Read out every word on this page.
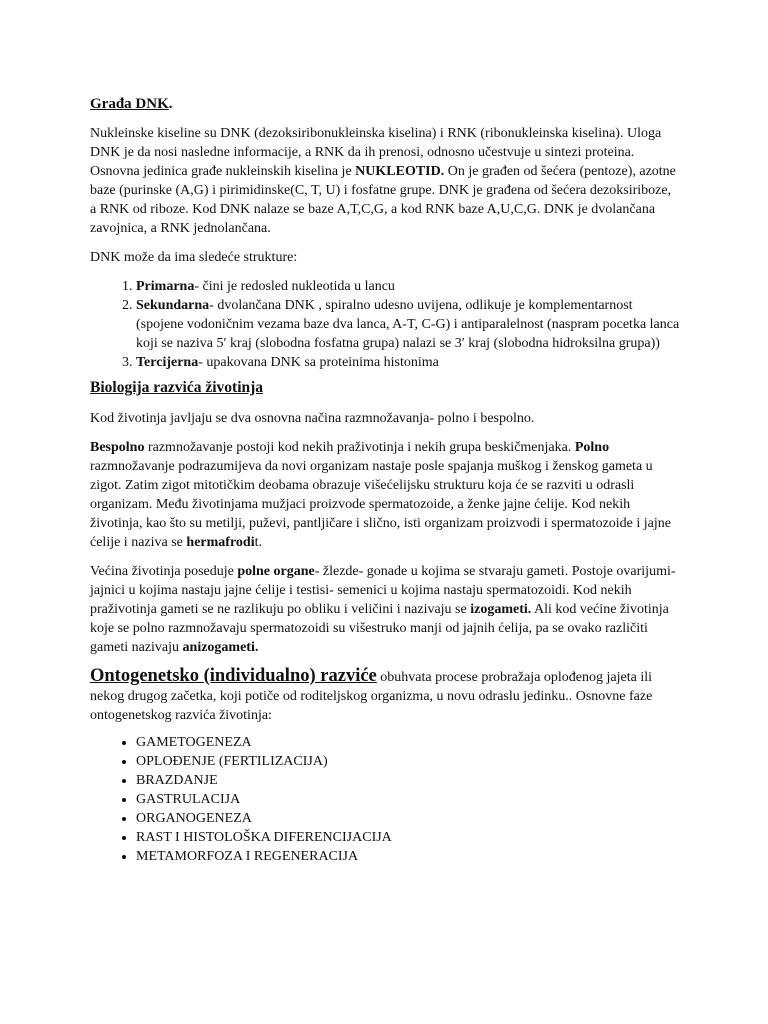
Građa DNK.

Nukleinske kiseline su DNK (dezoksiribonukleinska kiselina) i RNK (ribonukleinska kiselina). Uloga DNK je da nosi nasledne informacije, a RNK da ih prenosi, odnosno učestvuje u sintezi proteina. Osnovna jedinica građe nukleinskih kiselina je NUKLEOTID. On je građen od šećera (pentoze), azotne baze (purinske (A,G) i pirimidinske(C, T, U) i fosfatne grupe. DNK je građena od šećera dezoksiriboze, a RNK od riboze. Kod DNK nalaze se baze A,T,C,G, a kod RNK baze A,U,C,G. DNK je dvolančana zavojnica, a RNK jednolančana.

DNK može da ima sledeće strukture:

1. Primarna- čini je redosled nukleotida u lancu
2. Sekundarna- dvolančana DNK , spiralno udesno uvijena, odlikuje je komplementarnost (spojene vodoničnim vezama baze dva lanca, A-T, C-G) i antiparalelnost (naspram pocetka lanca koji se naziva 5′ kraj (slobodna fosfatna grupa) nalazi se 3′ kraj (slobodna hidroksilna grupa))
3. Tercijerna- upakovana DNK sa proteinima histonima
Biologija razvića životinja

Kod životinja javljaju se dva osnovna načina razmnožavanja- polno i bespolno.

Bespolno razmnožavanje postoji kod nekih praživotinja i nekih grupa beskičmenjaka. Polno razmnožavanje podrazumijeva da novi organizam nastaje posle spajanja muškog i ženskog gameta u zigot. Zatim zigot mitotičkim deobama obrazuje višećelijsku strukturu koja će se razviti u odrasli organizam. Među životinjama mužjaci proizvode spermatozoide, a ženke jajne ćelije. Kod nekih životinja, kao što su metilji, puževi, pantljičare i slično, isti organizam proizvodi i spermatozoide i jajne ćelije i naziva se hermafrodit.

Većina životinja poseduje polne organe- žlezde- gonade u kojima se stvaraju gameti. Postoje ovarijumi- jajnici u kojima nastaju jajne ćelije i testisi- semenici u kojima nastaju spermatozoidi. Kod nekih praživotinja gameti se ne razlikuju po obliku i veličini i nazivaju se izogameti. Ali kod većine životinja koje se polno razmnožavaju spermatozoidi su višestruko manji od jajnih ćelija, pa se ovako različiti gameti nazivaju anizogameti.

Ontogenetsko (individualno) razviće obuhvata procese probražaja oplođenog jajeta ili nekog drugog začetka, koji potiče od roditeljskog organizma, u novu odraslu jedinku.. Osnovne faze ontogenetskog razvića životinja:

• GAMETOGENEZA
• OPLOĐENJE (FERTILIZACIJA)
• BRAZDANJE
• GASTRULACIJA
• ORGANOGENEZA
• RAST I HISTOLOŠKA DIFERENCIJACIJA
• METAMORFOZA I REGENERACIJA
